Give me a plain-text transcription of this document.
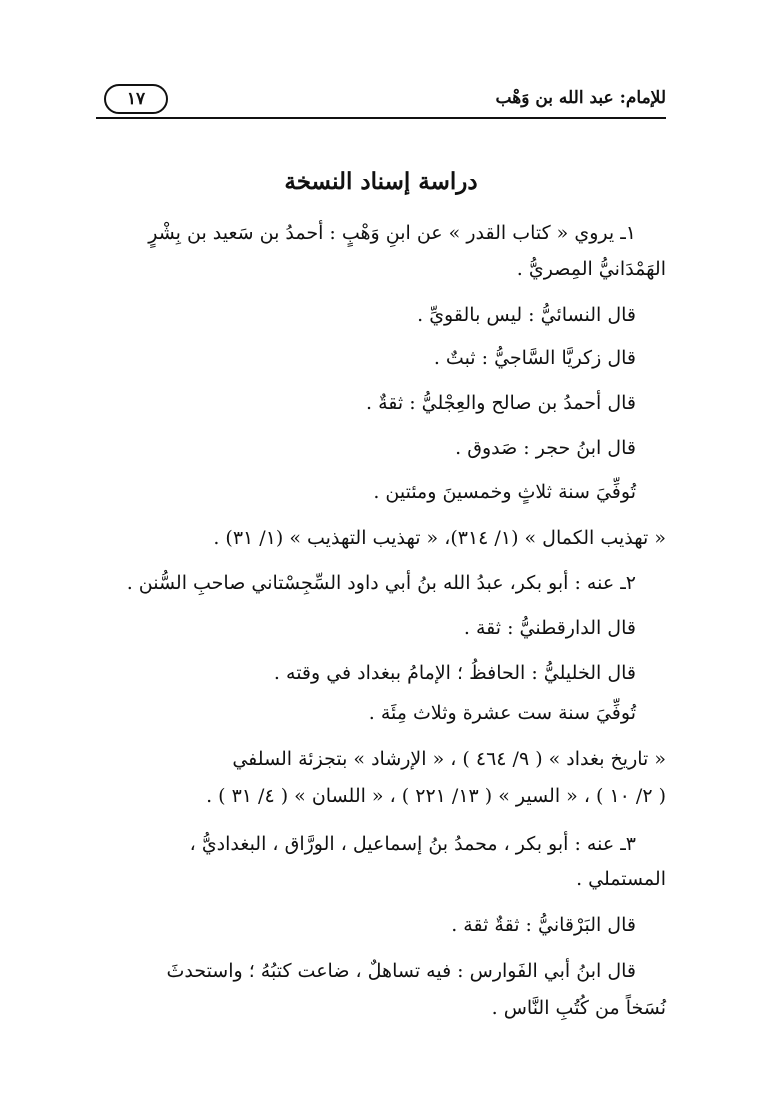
للإمام: عبد الله بن وَهْب
١٧
دراسة إسناد النسخة
١ـ يروي « كتاب القدر » عن ابنِ وَهْبٍ : أحمدُ بن سَعيد بن بِشْرٍ
الهَمْدَانيُّ المِصريُّ .
قال النسائيُّ : ليس بالقويِّ .
قال زكريَّا السَّاجيُّ : ثبتٌ .
قال أحمدُ بن صالح والعِجْليُّ : ثقةٌ .
قال ابنُ حجر : صَدوق .
تُوفِّيَ سنة ثلاثٍ وخمسينَ ومئتين .
« تهذيب الكمال » (١/ ٣١٤)، « تهذيب التهذيب » (١/ ٣١) .
٢ـ عنه : أبو بكر، عبدُ الله بنُ أبي داود السِّجِسْتاني صاحبِ السُّنن .
قال الدارقطنيُّ : ثقة .
قال الخليليُّ : الحافظُ ؛ الإمامُ ببغداد في وقته .
تُوفِّيَ سنة ست عشرة وثلاث مِئَة .
« تاريخ بغداد » ( ٩/ ٤٦٤ ) ، « الإرشاد » بتجزئة السلفي
( ٢/ ١٠ ) ، « السير » ( ١٣/ ٢٢١ ) ، « اللسان » ( ٤/ ٣١ ) .
٣ـ عنه : أبو بكر ، محمدُ بنُ إسماعيل ، الورَّاق ، البغداديُّ ،
المستملي .
قال البَرْقانيُّ : ثقةٌ ثقة .
قال ابنُ أبي الفَوارس : فيه تساهلٌ ، ضاعت كتبُهُ ؛ واستحدثَ
نُسَخاً من كُتُبِ النَّاس .
